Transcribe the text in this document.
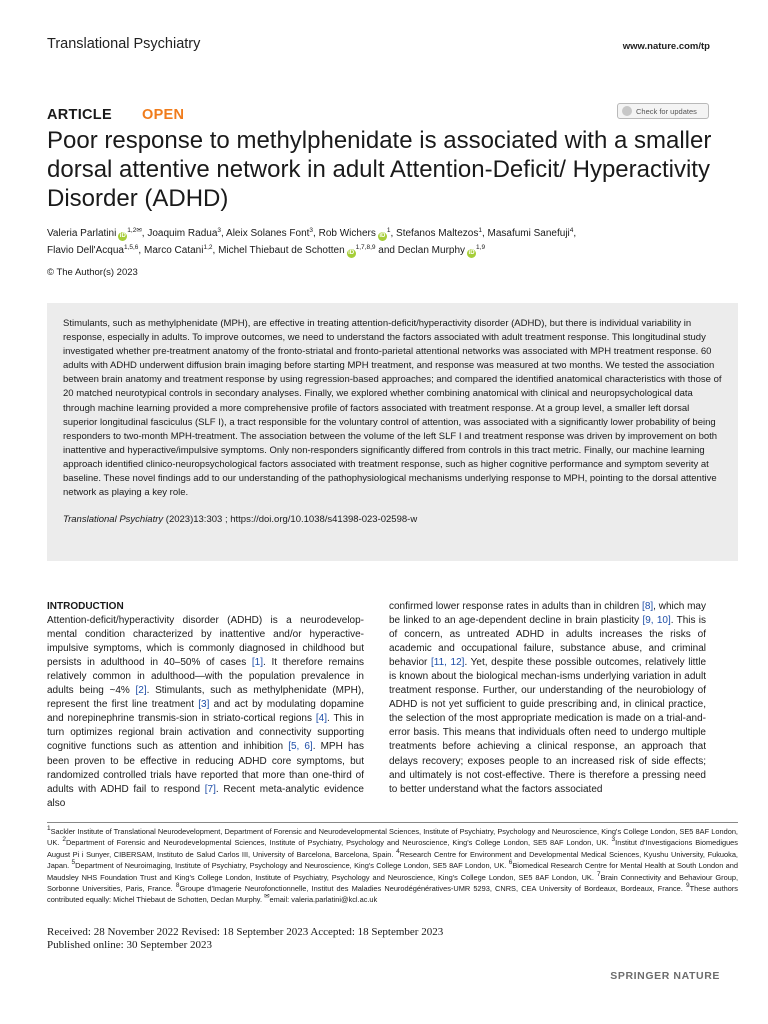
Translational Psychiatry	www.nature.com/tp
ARTICLE OPEN	Check for updates
Poor response to methylphenidate is associated with a smaller dorsal attentive network in adult Attention-Deficit/ Hyperactivity Disorder (ADHD)
Valeria Parlatini $iD^{1,2✉}$, Joaquim Radua$^3$, Aleix Solanes Font$^3$, Rob Wichers $iD^1$, Stefanos Maltezos$^1$, Masafumi Sanefuji$^4$,
Flavio Dell'Acqua$^{1,5,6}$, Marco Catani$^{1,2}$, Michel Thiebaut de Schotten iD$^{1,7,8,9}$ and Declan Murphy iD$^{1,9}$
© The Author(s) 2023

Stimulants, such as methylphenidate (MPH), are effective in treating attention-deficit/hyperactivity disorder (ADHD), but there is individual variability in response, especially in adults. To improve outcomes, we need to understand the factors associated with adult treatment response. This longitudinal study investigated whether pre-treatment anatomy of the fronto-striatal and fronto-parietal attentional networks was associated with MPH treatment response. 60 adults with ADHD underwent diffusion brain imaging before starting MPH treatment, and response was measured at two months. We tested the association between brain anatomy and treatment response by using regression-based approaches; and compared the identified anatomical characteristics with those of 20 matched neurotypical controls in secondary analyses. Finally, we explored whether combining anatomical with clinical and neuropsychological data through machine learning provided a more comprehensive profile of factors associated with treatment response. At a group level, a smaller left dorsal superior longitudinal fasciculus (SLF I), a tract responsible for the voluntary control of attention, was associated with a significantly lower probability of being responders to two-month MPH-treatment. The association between the volume of the left SLF I and treatment response was driven by improvement on both inattentive and hyperactive/impulsive symptoms. Only non-responders significantly differed from controls in this tract metric. Finally, our machine learning approach identified clinico-neuropsychological factors associated with treatment response, such as higher cognitive performance and symptom severity at baseline. These novel findings add to our understanding of the pathophysiological mechanisms underlying response to MPH, pointing to the dorsal attentive network as playing a key role.

Translational Psychiatry (2023)13:303 ; https://doi.org/10.1038/s41398-023-02598-w
INTRODUCTION
Attention-deficit/hyperactivity disorder (ADHD) is a neurodevelop-mental condition characterized by inattentive and/or hyperactive-impulsive symptoms, which is commonly diagnosed in childhood but persists in adulthood in 40–50% of cases [1]. It therefore remains relatively common in adulthood—with the population prevalence in adults being ~4% [2]. Stimulants, such as methylphenidate (MPH), represent the first line treatment [3] and act by modulating dopamine and norepinephrine transmis-sion in striato-cortical regions [4]. This in turn optimizes regional brain activation and connectivity supporting cognitive functions such as attention and inhibition [5, 6]. MPH has been proven to be effective in reducing ADHD core symptoms, but randomized controlled trials have reported that more than one-third of adults with ADHD fail to respond [7]. Recent meta-analytic evidence also
confirmed lower response rates in adults than in children [8], which may be linked to an age-dependent decline in brain plasticity [9, 10]. This is of concern, as untreated ADHD in adults increases the risks of academic and occupational failure, substance abuse, and criminal behavior [11, 12]. Yet, despite these possible outcomes, relatively little is known about the biological mechan-isms underlying variation in adult treatment response. Further, our understanding of the neurobiology of ADHD is not yet sufficient to guide prescribing and, in clinical practice, the selection of the most appropriate medication is made on a trial-and-error basis. This means that individuals often need to undergo multiple treatments before achieving a clinical response, an approach that delays recovery; exposes people to an increased risk of side effects; and ultimately is not cost-effective. There is therefore a pressing need to better understand what the factors associated
$^1$Sackler Institute of Translational Neurodevelopment, Department of Forensic and Neurodevelopmental Sciences, Institute of Psychiatry, Psychology and Neuroscience, King's College London, SE5 8AF London, UK. $^2$Department of Forensic and Neurodevelopmental Sciences, Institute of Psychiatry, Psychology and Neuroscience, King's College London, SE5 8AF London, UK. $^3$Institut d'Investigacions Biomedigues August Pi i Sunyer, CIBERSAM, Instituto de Salud Carlos III, University of Barcelona, Barcelona, Spain. $^4$Research Centre for Environment and Developmental Medical Sciences, Kyushu University, Fukuoka, Japan. $^5$Department of Neuroimaging, Institute of Psychiatry, Psychology and Neuroscience, King's College London, SE5 8AF London, UK. $^6$Biomedical Research Centre for Mental Health at South London and Maudsley NHS Foundation Trust and King's College London, Institute of Psychiatry, Psychology and Neuroscience, King's College London, SE5 8AF London, UK. $^7$Brain Connectivity and Behaviour Group, Sorbonne Universities, Paris, France. $^8$Groupe d'Imagerie Neurofonctionnelle, Institut des Maladies Neurodégénératives-UMR 5293, CNRS, CEA University of Bordeaux, Bordeaux, France. $^9$These authors contributed equally: Michel Thiebaut de Schotten, Declan Murphy. ✉email: valeria.parlatini@kcl.ac.uk
Received: 28 November 2022 Revised: 18 September 2023 Accepted: 18 September 2023
Published online: 30 September 2023
SPRINGER NATURE
